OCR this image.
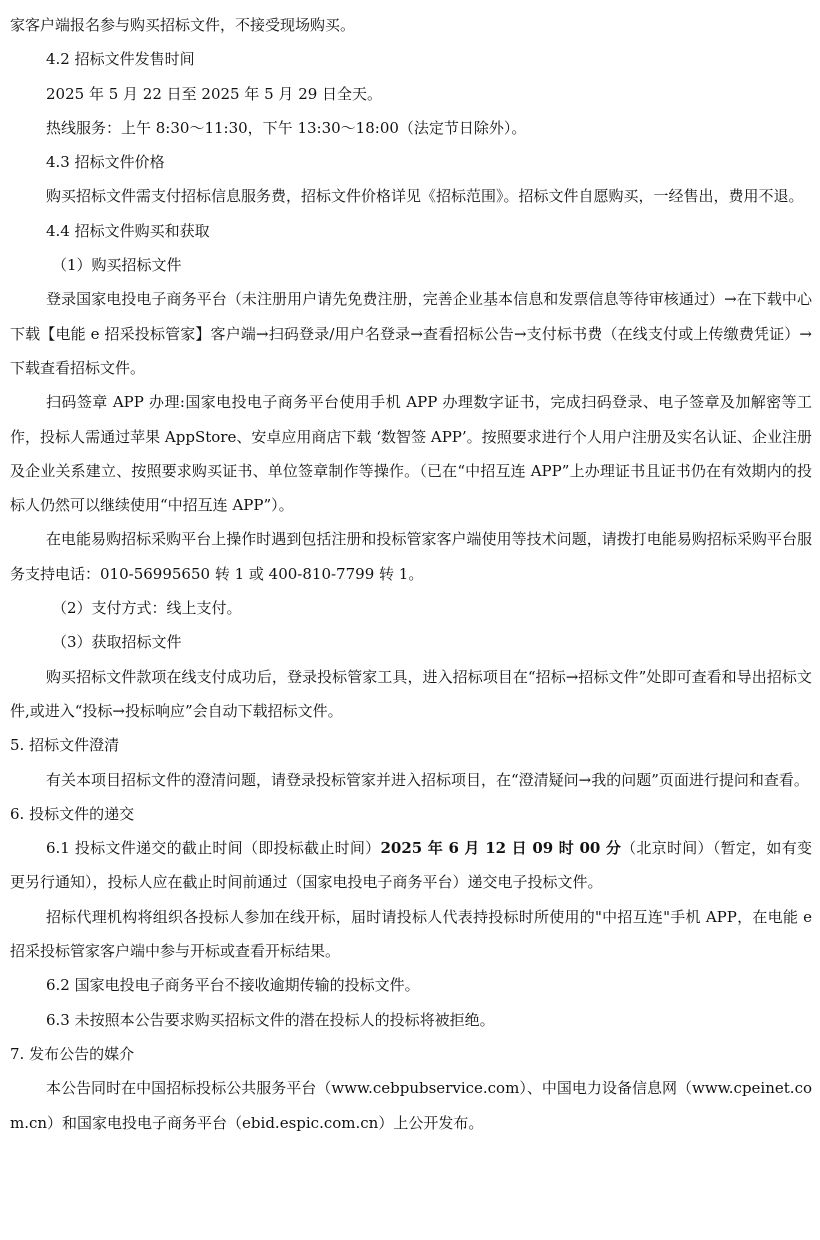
家客户端报名参与购买招标文件，不接受现场购买。

4.2 招标文件发售时间

2025 年 5 月 22 日至 2025 年 5 月 29 日全天。

热线服务：上午 8:30～11:30，下午 13:30～18:00（法定节日除外）。

4.3 招标文件价格

购买招标文件需支付招标信息服务费，招标文件价格详见《招标范围》。招标文件自愿购买，一经售出，费用不退。

4.4 招标文件购买和获取

（1）购买招标文件

登录国家电投电子商务平台（未注册用户请先免费注册，完善企业基本信息和发票信息等待审核通过）→在下载中心下载【电能 e 招采投标管家】客户端→扫码登录/用户名登录→查看招标公告→支付标书费（在线支付或上传缴费凭证）→下载查看招标文件。

扫码签章 APP 办理:国家电投电子商务平台使用手机 APP 办理数字证书，完成扫码登录、电子签章及加解密等工作，投标人需通过苹果 AppStore、安卓应用商店下载 ‘数智签 APP’。按照要求进行个人用户注册及实名认证、企业注册及企业关系建立、按照要求购买证书、单位签章制作等操作。（已在“中招互连 APP”上办理证书且证书仍在有效期内的投标人仍然可以继续使用“中招互连 APP”）。

在电能易购招标采购平台上操作时遇到包括注册和投标管家客户端使用等技术问题，请拨打电能易购招标采购平台服务支持电话：010-56995650 转 1 或 400-810-7799 转 1。

（2）支付方式：线上支付。

（3）获取招标文件

购买招标文件款项在线支付成功后，登录投标管家工具，进入招标项目在“招标→招标文件”处即可查看和导出招标文件,或进入“投标→投标响应”会自动下载招标文件。

5. 招标文件澄清

有关本项目招标文件的澄清问题，请登录投标管家并进入招标项目，在“澄清疑问→我的问题”页面进行提问和查看。

6. 投标文件的递交

6.1 投标文件递交的截止时间（即投标截止时间）2025 年 6 月 12 日 09 时 00 分（北京时间）（暂定，如有变更另行通知），投标人应在截止时间前通过（国家电投电子商务平台）递交电子投标文件。

招标代理机构将组织各投标人参加在线开标，届时请投标人代表持投标时所使用的"中招互连"手机 APP，在电能 e 招采投标管家客户端中参与开标或查看开标结果。

6.2 国家电投电子商务平台不接收逾期传输的投标文件。

6.3 未按照本公告要求购买招标文件的潜在投标人的投标将被拒绝。

7. 发布公告的媒介

本公告同时在中国招标投标公共服务平台（www.cebpubservice.com）、中国电力设备信息网（www.cpeinet.com.cn）和国家电投电子商务平台（ebid.espic.com.cn）上公开发布。
